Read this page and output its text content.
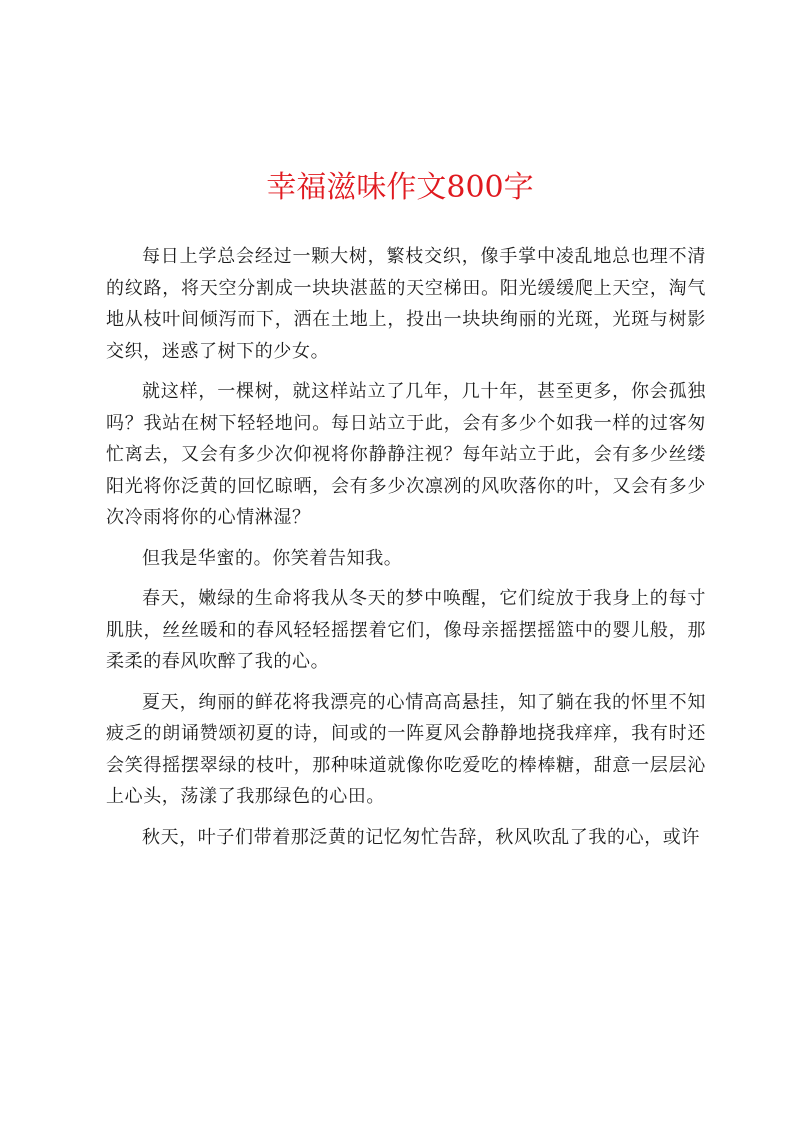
幸福滋味作文800字

每日上学总会经过一颗大树，繁枝交织，像手掌中凌乱地总也理不清的纹路，将天空分割成一块块湛蓝的天空梯田。阳光缓缓爬上天空，淘气地从枝叶间倾泻而下，洒在土地上，投出一块块绚丽的光斑，光斑与树影交织，迷惑了树下的少女。

就这样，一棵树，就这样站立了几年，几十年，甚至更多，你会孤独吗？我站在树下轻轻地问。每日站立于此，会有多少个如我一样的过客匆忙离去，又会有多少次仰视将你静静注视？每年站立于此，会有多少丝缕阳光将你泛黄的回忆晾晒，会有多少次凛冽的风吹落你的叶，又会有多少次冷雨将你的心情淋湿？

但我是华蜜的。你笑着告知我。

春天，嫩绿的生命将我从冬天的梦中唤醒，它们绽放于我身上的每寸肌肤，丝丝暖和的春风轻轻摇摆着它们，像母亲摇摆摇篮中的婴儿般，那柔柔的春风吹醉了我的心。

夏天，绚丽的鲜花将我漂亮的心情高高悬挂，知了躺在我的怀里不知疲乏的朗诵赞颂初夏的诗，间或的一阵夏风会静静地挠我痒痒，我有时还会笑得摇摆翠绿的枝叶，那种味道就像你吃爱吃的棒棒糖，甜意一层层沁上心头，荡漾了我那绿色的心田。

秋天，叶子们带着那泛黄的记忆匆忙告辞，秋风吹乱了我的心，或许
